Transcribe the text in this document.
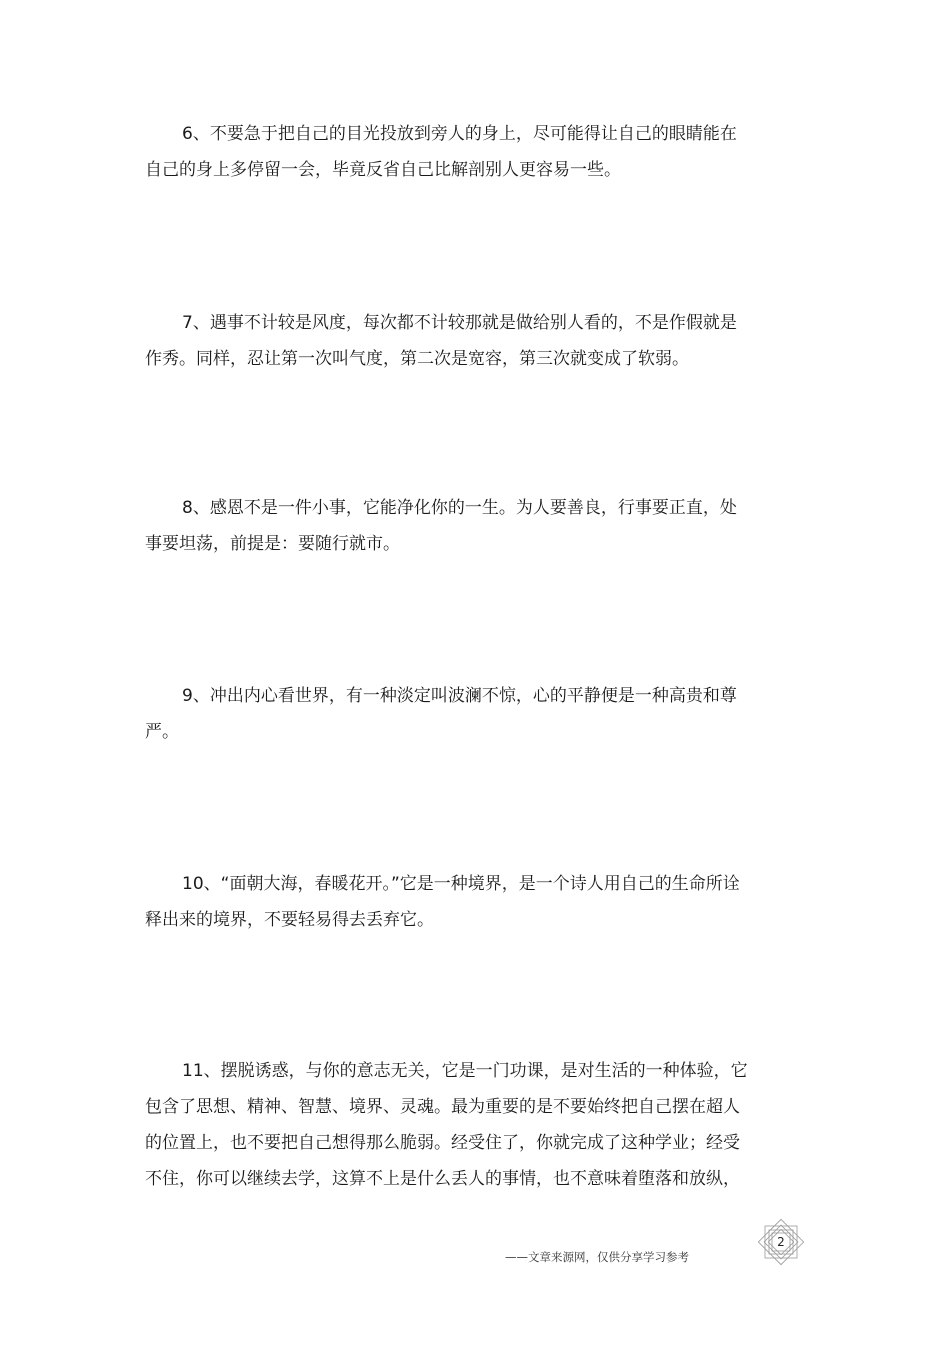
6、不要急于把自己的目光投放到旁人的身上，尽可能得让自己的眼睛能在
自己的身上多停留一会，毕竟反省自己比解剖别人更容易一些。
7、遇事不计较是风度，每次都不计较那就是做给别人看的，不是作假就是
作秀。同样，忍让第一次叫气度，第二次是宽容，第三次就变成了软弱。
8、感恩不是一件小事，它能净化你的一生。为人要善良，行事要正直，处
事要坦荡，前提是：要随行就市。
9、冲出内心看世界，有一种淡定叫波澜不惊，心的平静便是一种高贵和尊
严。
10、“面朝大海，春暖花开。”它是一种境界，是一个诗人用自己的生命所诠
释出来的境界，不要轻易得去丢弃它。
11、摆脱诱惑，与你的意志无关，它是一门功课，是对生活的一种体验，它
包含了思想、精神、智慧、境界、灵魂。最为重要的是不要始终把自己摆在超人
的位置上，也不要把自己想得那么脆弱。经受住了，你就完成了这种学业；经受
不住，你可以继续去学，这算不上是什么丢人的事情，也不意味着堕落和放纵，
——文章来源网，仅供分享学习参考
2
